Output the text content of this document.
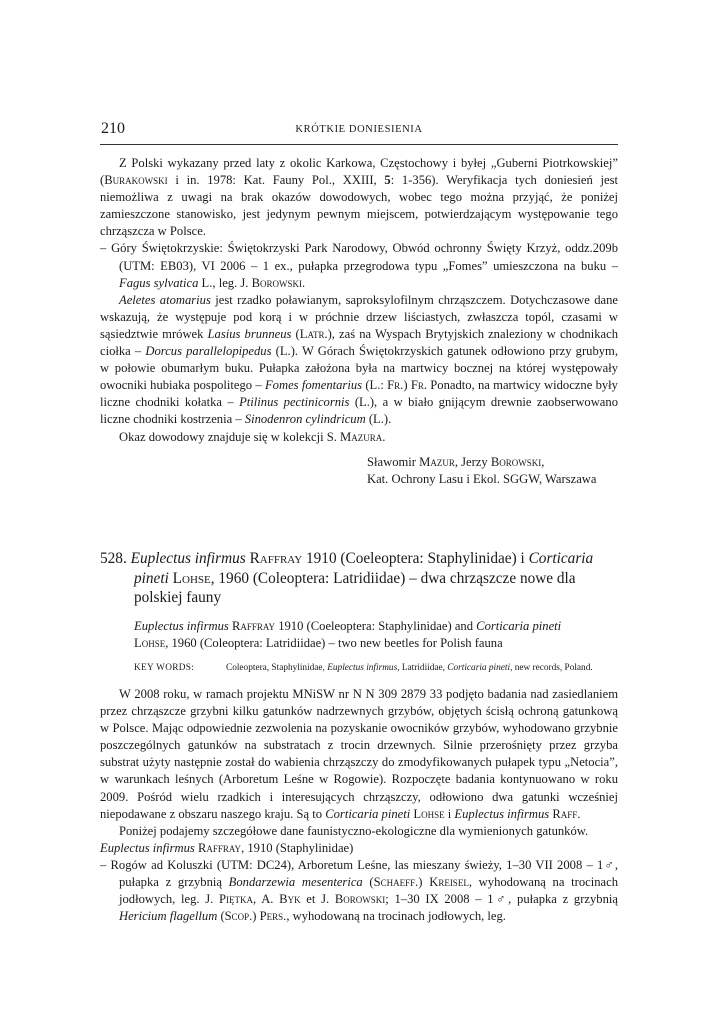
210	KRÓTKIE DONIESIENIA

Z Polski wykazany przed laty z okolic Karkowa, Częstochowy i byłej „Guberni Piotrkowskiej” (Burakowski i in. 1978: Kat. Fauny Pol., XXIII, 5: 1-356). Weryfikacja tych doniesień jest niemożliwa z uwagi na brak okazów dowodowych, wobec tego można przyjąć, że poniżej zamieszczone stanowisko, jest jedynym pewnym miejscem, potwierdzającym występowanie tego chrząszcza w Polsce.

– Góry Świętokrzyskie: Świętokrzyski Park Narodowy, Obwód ochronny Święty Krzyż, oddz.209b (UTM: EB03), VI 2006 – 1 ex., pułapka przegrodowa typu „Fomes” umieszczona na buku – Fagus sylvatica L., leg. J. Borowski.

Aeletes atomarius jest rzadko poławianym, saproksylofilnym chrząszczem. Dotychczasowe dane wskazują, że występuje pod korą i w próchnie drzew liściastych, zwłaszcza topól, czasami w sąsiedztwie mrówek Lasius brunneus (Latr.), zaś na Wyspach Brytyjskich znaleziony w chodnikach ciołka – Dorcus parallelopipedus (L.). W Górach Świętokrzyskich gatunek odłowiono przy grubym, w połowie obumarłym buku. Pułapka założona była na martwicy bocznej na której występowały owocniki hubiaka pospolitego – Fomes fomentarius (L.: Fr.) Fr. Ponadto, na martwicy widoczne były liczne chodniki kołatka – Ptilinus pectinicornis (L.), a w biało gnijącym drewnie zaobserwowano liczne chodniki kostrzenia – Sinodenron cylindricum (L.).

Okaz dowodowy znajduje się w kolekcji S. Mazura.

Sławomir Mazur, Jerzy Borowski,
Kat. Ochrony Lasu i Ekol. SGGW, Warszawa
528. Euplectus infirmus Raffray 1910 (Coeleoptera: Staphylinidae) i Corticaria pineti Lohse, 1960 (Coleoptera: Latridiidae) – dwa chrząszcze nowe dla polskiej fauny
Euplectus infirmus Raffray 1910 (Coeleoptera: Staphylinidae) and Corticaria pineti
Lohse, 1960 (Coleoptera: Latridiidae) – two new beetles for Polish fauna
KEY WORDS:	Coleoptera, Staphylinidae, Euplectus infirmus, Latridiidae, Corticaria pineti, new records, Poland.

W 2008 roku, w ramach projektu MNiSW nr N N 309 2879 33 podjęto badania nad zasiedlaniem przez chrząszcze grzybni kilku gatunków nadrzewnych grzybów, objętych ścisłą ochroną gatunkową w Polsce. Mając odpowiednie zezwolenia na pozyskanie owocników grzybów, wyhodowano grzybnie poszczególnych gatunków na substratach z trocin drzewnych. Silnie przerośnięty przez grzyba substrat użyty następnie został do wabienia chrząszczy do zmodyfikowanych pułapek typu „Netocia”, w warunkach leśnych (Arboretum Leśne w Rogowie). Rozpoczęte badania kontynuowano w roku 2009. Pośród wielu rzadkich i interesujących chrząszczy, odłowiono dwa gatunki wcześniej niepodawane z obszaru naszego kraju. Są to Corticaria pineti Lohse i Euplectus infirmus Raff.

Poniżej podajemy szczegółowe dane faunistyczno-ekologiczne dla wymienionych gatunków.

Euplectus infirmus Raffray, 1910 (Staphylinidae)

– Rogów ad Koluszki (UTM: DC24), Arboretum Leśne, las mieszany świeży, 1–30 VII 2008 – 1♂, pułapka z grzybnią Bondarzewia mesenterica (Schaeff.) Kreisel, wyhodowaną na trocinach jodłowych, leg. J. Piętka, A. Byk et J. Borowski; 1–30 IX 2008 – 1♂, pułapka z grzybnią Hericium flagellum (Scop.) Pers., wyhodowaną na trocinach jodłowych, leg.
